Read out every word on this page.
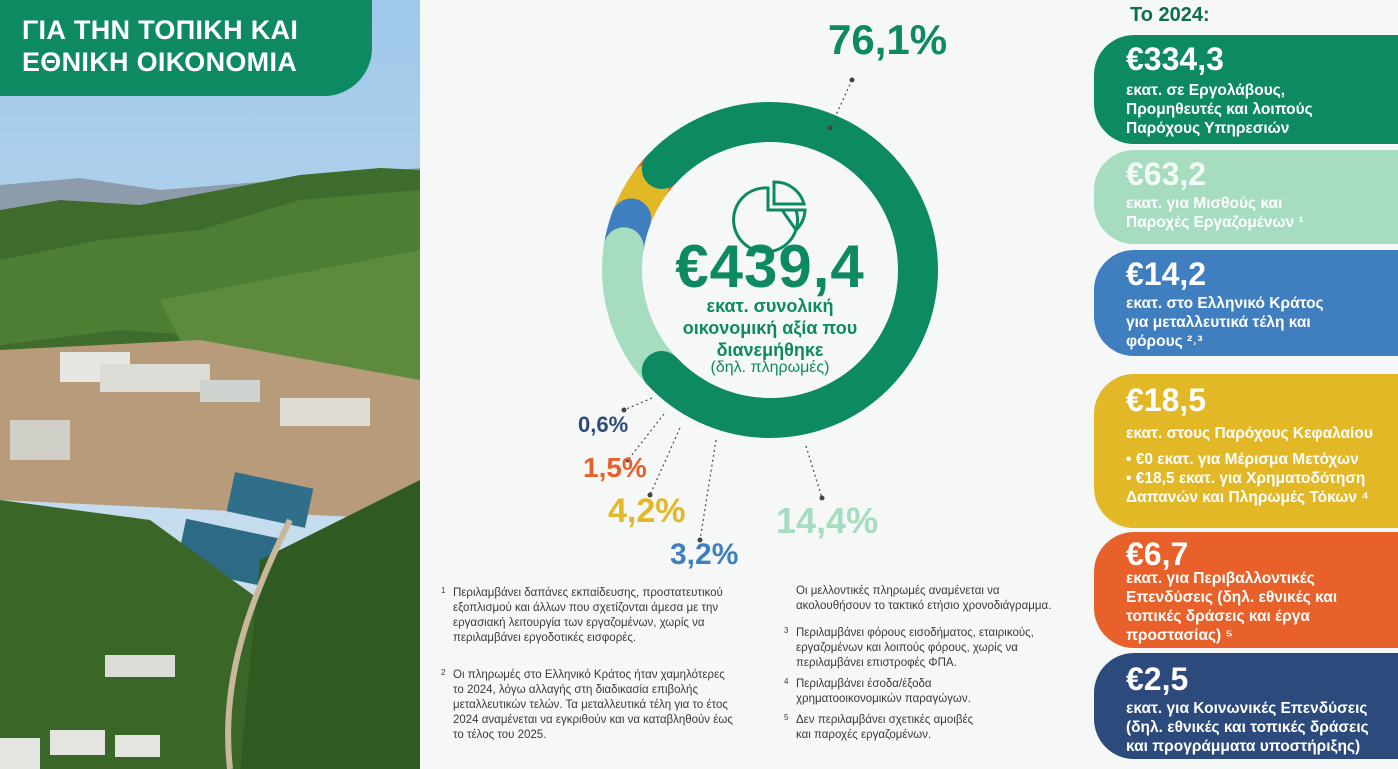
ΓΙΑ ΤΗΝ ΤΟΠΙΚΗ ΚΑΙ
ΕΘΝΙΚΗ ΟΙΚΟΝΟΜΙΑ
€439,4
εκατ. συνολική
οικονομική αξία που
διανεμήθηκε
(δηλ. πληρωμές)
76,1%
14,4%
3,2%
4,2%
1,5%
0,6%
1 Περιλαμβάνει δαπάνες εκπαίδευσης, προστατευτικού
εξοπλισμού και άλλων που σχετίζονται άμεσα με την
εργασιακή λειτουργία των εργαζομένων, χωρίς να
περιλαμβάνει εργοδοτικές εισφορές.
2 Οι πληρωμές στο Ελληνικό Κράτος ήταν χαμηλότερες
το 2024, λόγω αλλαγής στη διαδικασία επιβολής
μεταλλευτικών τελών. Τα μεταλλευτικά τέλη για το έτος
2024 αναμένεται να εγκριθούν και να καταβληθούν έως
το τέλος του 2025.
Οι μελλοντικές πληρωμές αναμένεται να
ακολουθήσουν το τακτικό ετήσιο χρονοδιάγραμμα.
3 Περιλαμβάνει φόρους εισοδήματος, εταιρικούς,
εργαζομένων και λοιπούς φόρους, χωρίς να
περιλαμβάνει επιστροφές ΦΠΑ.
4 Περιλαμβάνει έσοδα/έξοδα
χρηματοοικονομικών παραγώγων.
5 Δεν περιλαμβάνει σχετικές αμοιβές
και παροχές εργαζομένων.
Το 2024:
€334,3
εκατ. σε Εργολάβους,
Προμηθευτές και λοιπούς
Παρόχους Υπηρεσιών
€63,2
εκατ. για Μισθούς και
Παροχές Εργαζομένων ¹
€14,2
εκατ. στο Ελληνικό Κράτος
για μεταλλευτικά τέλη και
φόρους ²˒³
€18,5
εκατ. στους Παρόχους Κεφαλαίου
• €0 εκατ. για Μέρισμα Μετόχων
• €18,5 εκατ. για Χρηματοδότηση
Δαπανών και Πληρωμές Τόκων ⁴
€6,7
εκατ. για Περιβαλλοντικές
Επενδύσεις (δηλ. εθνικές και
τοπικές δράσεις και έργα
προστασίας) ⁵
€2,5
εκατ. για Κοινωνικές Επενδύσεις
(δηλ. εθνικές και τοπικές δράσεις
και προγράμματα υποστήριξης)
